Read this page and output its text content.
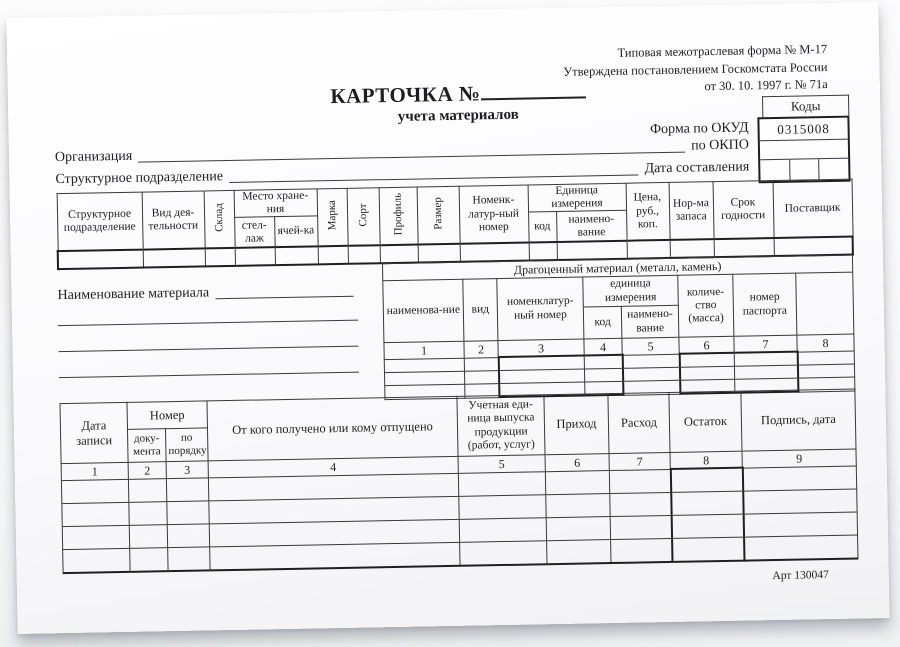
Типовая межотраслевая форма № М-17
Утверждена постановлением Госкомстата России
от 30. 10. 1997 г. № 71а
КАРТОЧКА №
учета материалов
Форма по ОКУД
Организация
по ОКПО
Структурное подразделение
Дата составления
Коды
0315008
Структурное подразделение	Вид дея-тельности	Склад	Место хране-ния		Марка	Сорт	Профиль	Размер	Номенк-латур-ный номер	Единица измерения		Цена, руб., коп.	Нор-ма запаса	Срок годности	Поставщик
			стел-лаж	ячей-ка						код	наимено-вание				

Наименование материала
Драгоценный материал (металл, камень)							
наименова-ние	вид	номенклатур-ный номер	единица измерения		количе-ство (масса)	номер паспорта	
			код	наимено-вание			
1	2	3	4	5	6	7	8

Дата записи	Номер		От кого получено или кому отпущено	Учетная еди-ница выпуска продукции (работ, услуг)	Приход	Расход	Остаток	Подпись, дата
	доку-мента	по порядку						
1	2	3	4	5	6	7	8	9

Арт 130047
